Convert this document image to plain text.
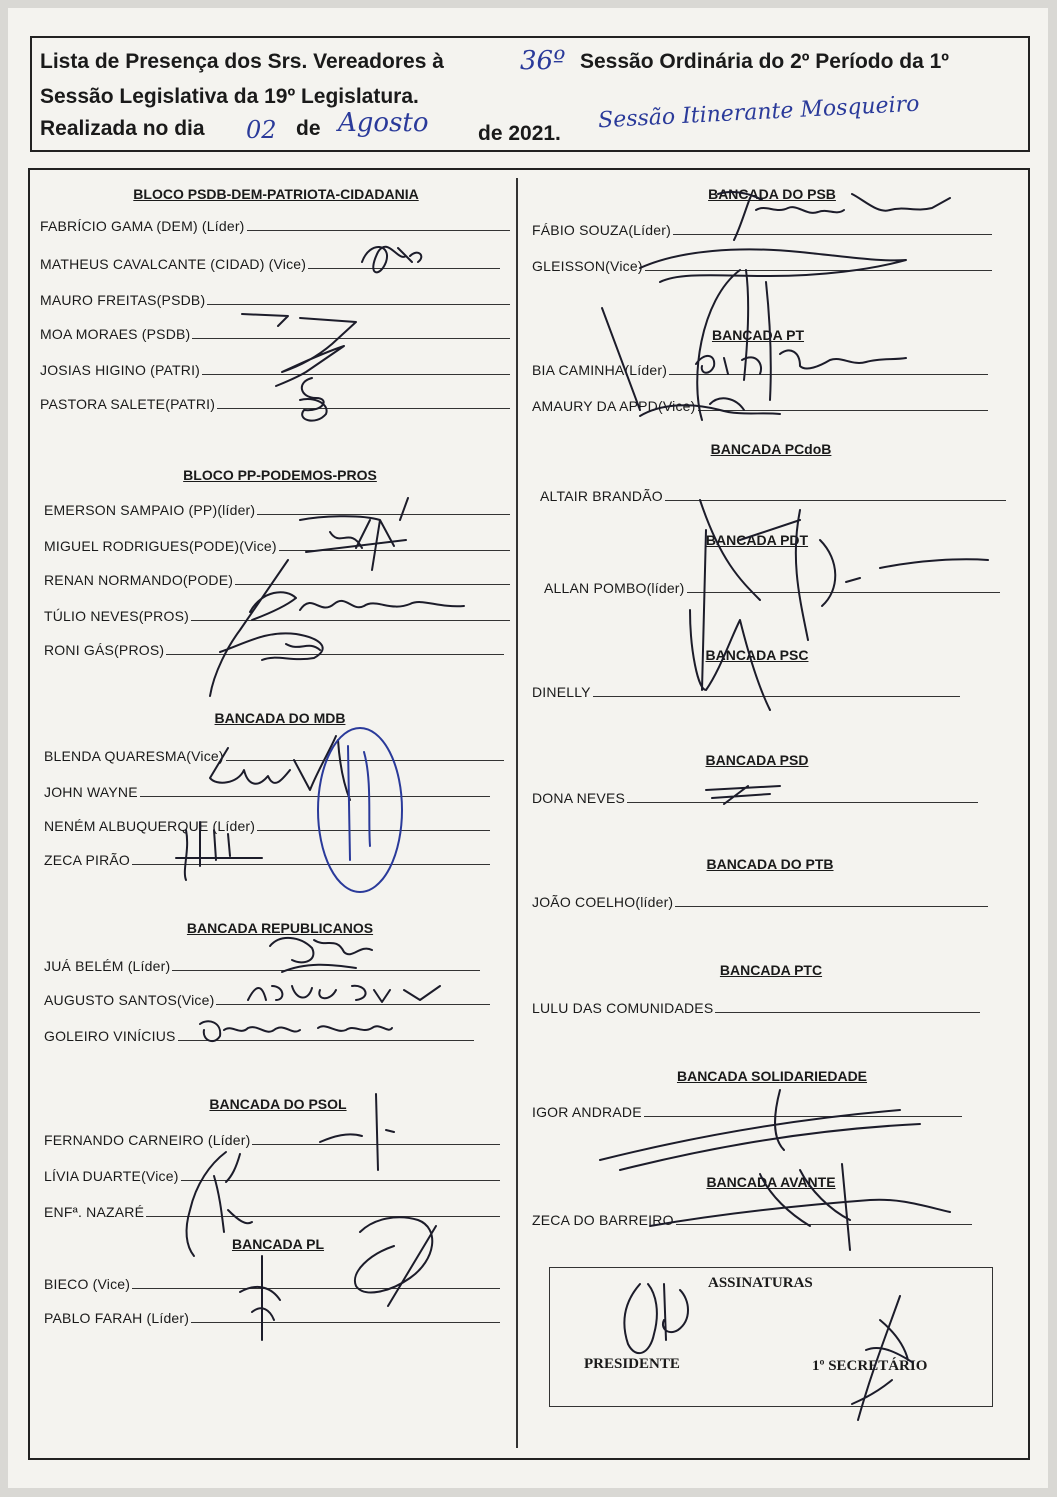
Lista de Presença dos Srs. Vereadores à	36º Sessão Ordinária do 2º Período da 1º
Sessão Legislativa da 19º Legislatura.
Realizada no dia 02 de Agosto de 2021.
Sessão Itinerante Mosqueiro
BLOCO PSDB-DEM-PATRIOTA-CIDADANIA
FABRÍCIO GAMA (DEM) (Líder)
MATHEUS CAVALCANTE (CIDAD) (Vice)
MAURO FREITAS(PSDB)
MOA MORAES (PSDB)
JOSIAS HIGINO (PATRI)
PASTORA SALETE(PATRI)
BLOCO PP-PODEMOS-PROS
EMERSON SAMPAIO (PP)(líder)
MIGUEL RODRIGUES(PODE)(Vice)
RENAN NORMANDO(PODE)
TÚLIO NEVES(PROS)
RONI GÁS(PROS)
BANCADA DO MDB
BLENDA QUARESMA(Vice)
JOHN WAYNE
NENÉM ALBUQUERQUE (Líder)
ZECA PIRÃO
BANCADA REPUBLICANOS
JUÁ BELÉM (Líder)
AUGUSTO SANTOS(Vice)
GOLEIRO VINÍCIUS
BANCADA DO PSOL
FERNANDO CARNEIRO (Líder)
LÍVIA DUARTE(Vice)
ENFª. NAZARÉ
BANCADA PL
BIECO (Vice)
PABLO FARAH (Líder)
BANCADA DO PSB
FÁBIO SOUZA(Líder)
GLEISSON(Vice)
BANCADA PT
BIA CAMINHA(Líder)
AMAURY DA APPD(Vice)
BANCADA PCdoB
ALTAIR BRANDÃO
BANCADA PDT
ALLAN POMBO(líder)
BANCADA PSC
DINELLY
BANCADA PSD
DONA NEVES
BANCADA DO PTB
JOÃO COELHO(líder)
BANCADA PTC
LULU DAS COMUNIDADES
BANCADA SOLIDARIEDADE
IGOR ANDRADE
BANCADA AVANTE
ZECA DO BARREIRO
ASSINATURAS
PRESIDENTE	1º SECRETÁRIO
